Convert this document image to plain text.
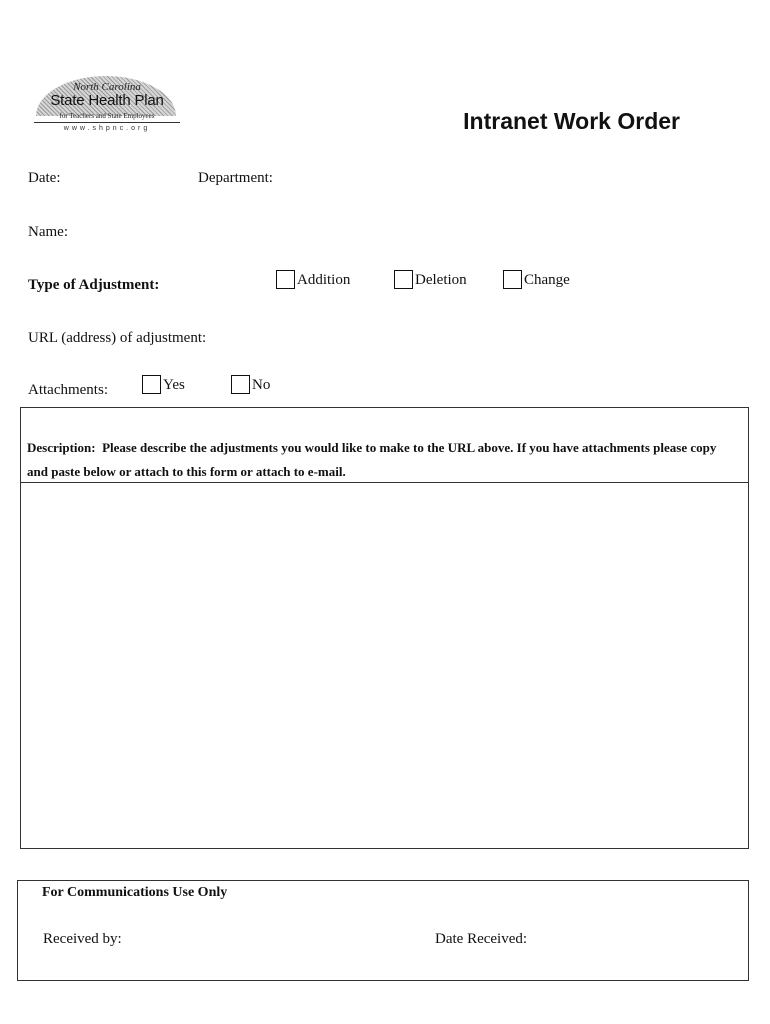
North Carolina
State Health Plan
for Teachers and State Employees
www.shpnc.org	Intranet Work Order
Date:	Department:
Name:
Type of Adjustment:	Addition	Deletion	Change
URL (address) of adjustment:
Attachments:	Yes	No
Description: Please describe the adjustments you would like to make to the URL above. If you have attachments please copy and paste below or attach to this form or attach to e-mail.
For Communications Use Only
Received by:	Date Received:
